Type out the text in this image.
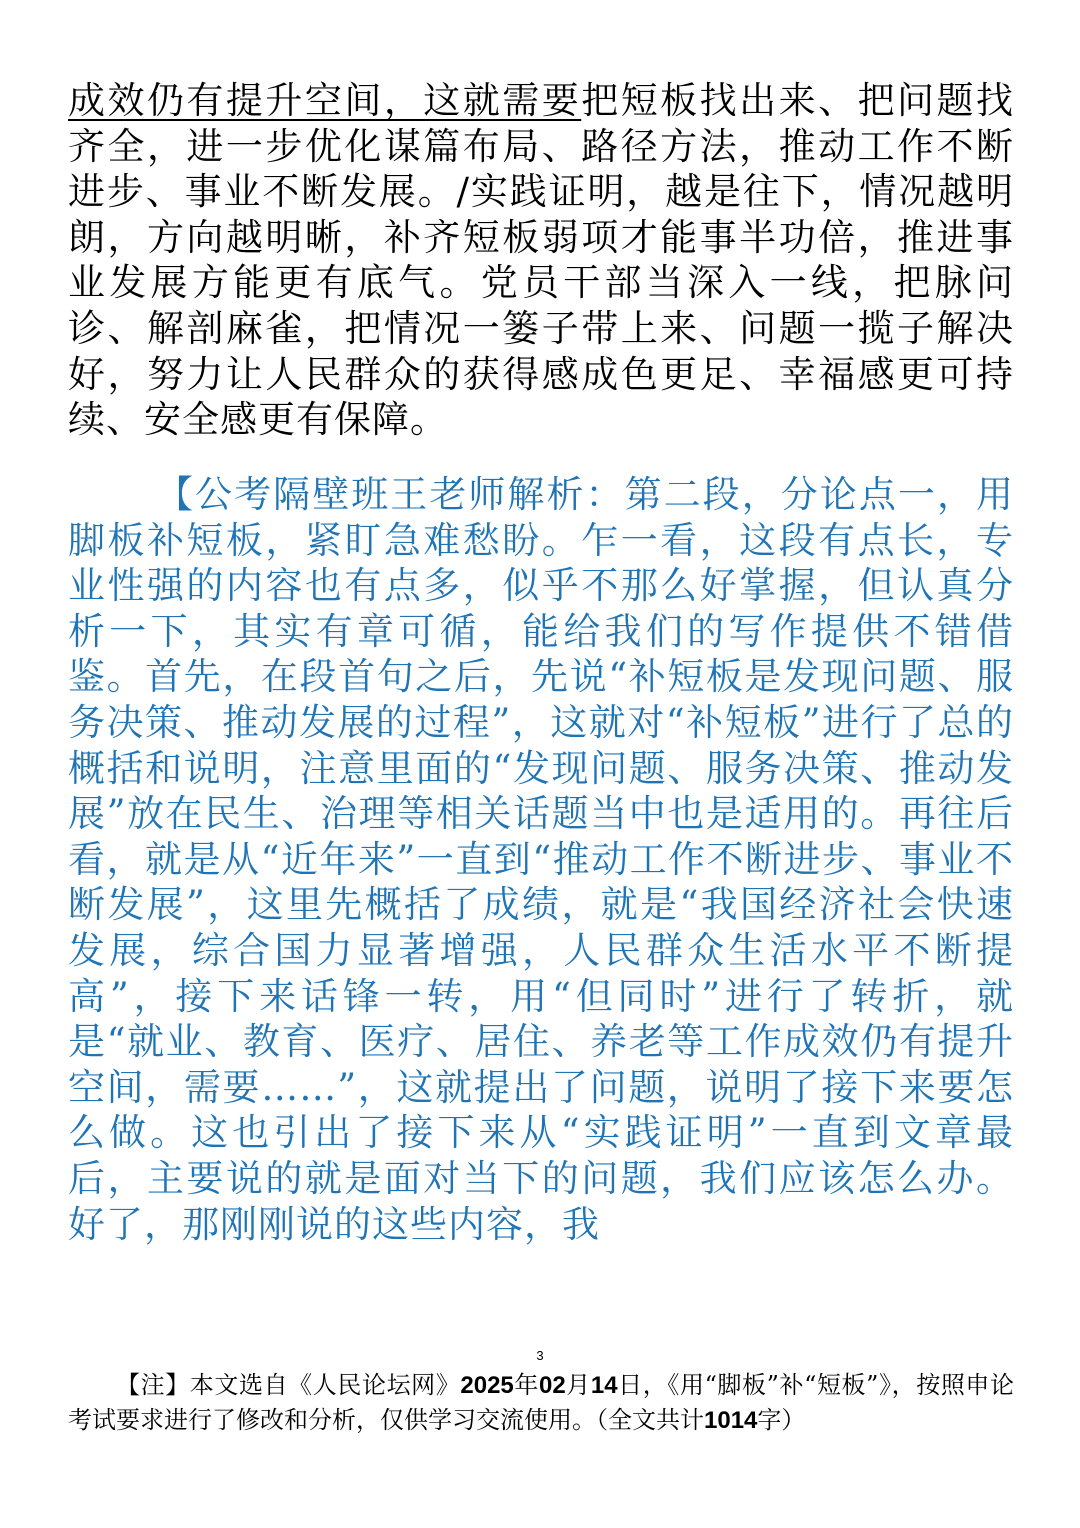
成效仍有提升空间，这就需要把短板找出来、把问题找齐全，进一步优化谋篇布局、路径方法，推动工作不断进步、事业不断发展。/实践证明，越是往下，情况越明朗，方向越明晰，补齐短板弱项才能事半功倍，推进事业发展方能更有底气。党员干部当深入一线，把脉问诊、解剖麻雀，把情况一篓子带上来、问题一揽子解决好，努力让人民群众的获得感成色更足、幸福感更可持续、安全感更有保障。

【公考隔壁班王老师解析：第二段，分论点一，用脚板补短板，紧盯急难愁盼。乍一看，这段有点长，专业性强的内容也有点多，似乎不那么好掌握，但认真分析一下，其实有章可循，能给我们的写作提供不错借鉴。首先，在段首句之后，先说“补短板是发现问题、服务决策、推动发展的过程”，这就对“补短板”进行了总的概括和说明，注意里面的“发现问题、服务决策、推动发展”放在民生、治理等相关话题当中也是适用的。再往后看，就是从“近年来”一直到“推动工作不断进步、事业不断发展”，这里先概括了成绩，就是“我国经济社会快速发展，综合国力显著增强，人民群众生活水平不断提高”，接下来话锋一转，用“但同时”进行了转折，就是“就业、教育、医疗、居住、养老等工作成效仍有提升空间，需要……”，这就提出了问题，说明了接下来要怎么做。这也引出了接下来从“实践证明”一直到文章最后，主要说的就是面对当下的问题，我们应该怎么办。好了，那刚刚说的这些内容，我

3

【注】本文选自《人民论坛网》2025年02月14日，《用“脚板”补“短板”》，按照申论考试要求进行了修改和分析，仅供学习交流使用。（全文共计1014字）
